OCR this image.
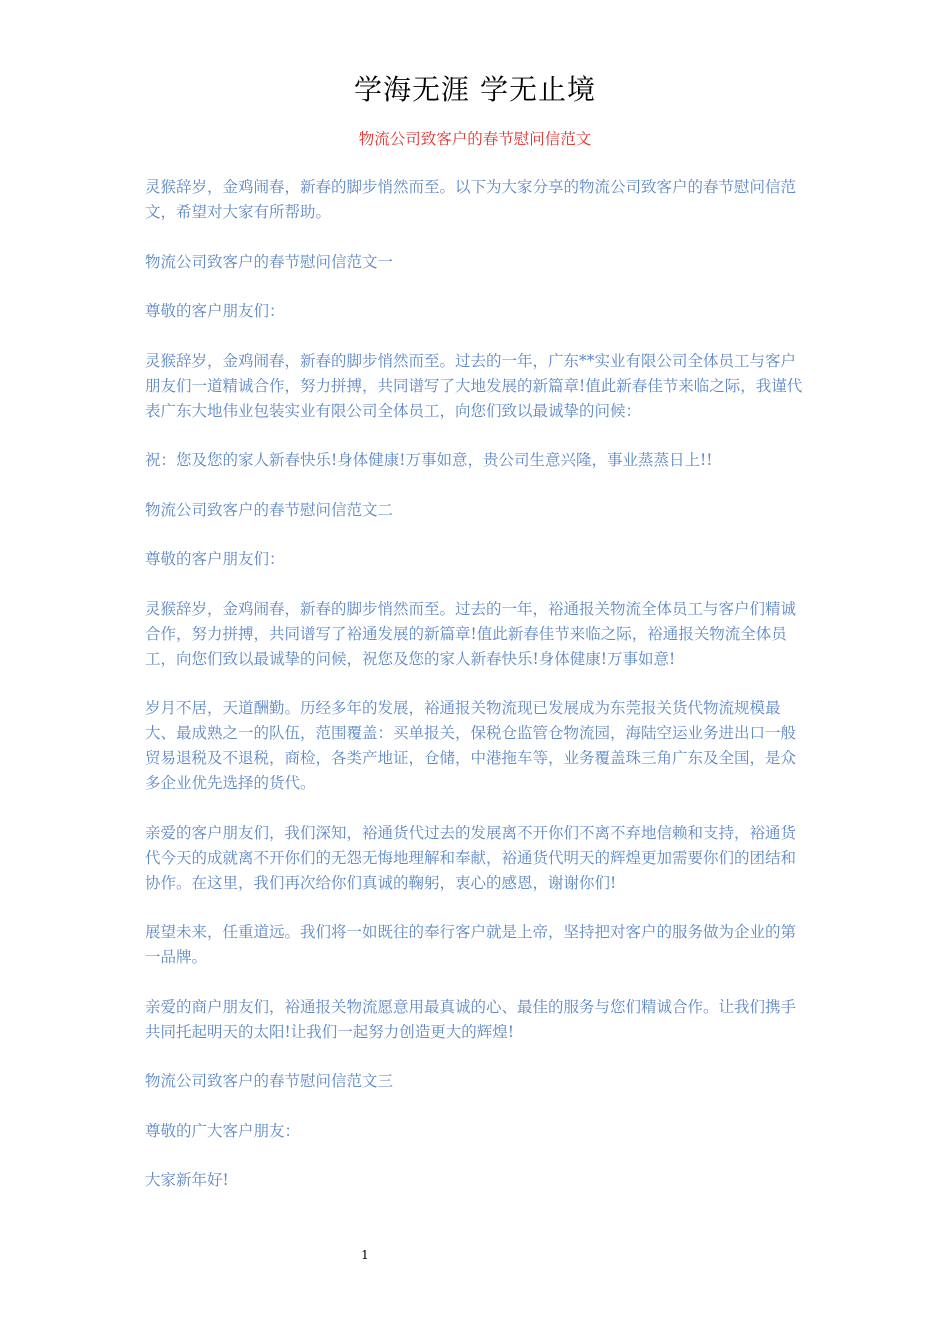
学海无涯 学无止境
物流公司致客户的春节慰问信范文

灵猴辞岁，金鸡闹春，新春的脚步悄然而至。以下为大家分享的物流公司致客户的春节慰问信范文，希望对大家有所帮助。

物流公司致客户的春节慰问信范文一

尊敬的客户朋友们：

灵猴辞岁，金鸡闹春，新春的脚步悄然而至。过去的一年，广东**实业有限公司全体员工与客户朋友们一道精诚合作，努力拼搏，共同谱写了大地发展的新篇章!值此新春佳节来临之际，我谨代表广东大地伟业包装实业有限公司全体员工，向您们致以最诚挚的问候：

祝：您及您的家人新春快乐!身体健康!万事如意，贵公司生意兴隆，事业蒸蒸日上!!

物流公司致客户的春节慰问信范文二

尊敬的客户朋友们：

灵猴辞岁，金鸡闹春，新春的脚步悄然而至。过去的一年，裕通报关物流全体员工与客户们精诚合作，努力拼搏，共同谱写了裕通发展的新篇章!值此新春佳节来临之际，裕通报关物流全体员工，向您们致以最诚挚的问候，祝您及您的家人新春快乐!身体健康!万事如意!

岁月不居，天道酬勤。历经多年的发展，裕通报关物流现已发展成为东莞报关货代物流规模最大、最成熟之一的队伍，范围覆盖：买单报关，保税仓监管仓物流园，海陆空运业务进出口一般贸易退税及不退税，商检，各类产地证，仓储，中港拖车等，业务覆盖珠三角广东及全国，是众多企业优先选择的货代。

亲爱的客户朋友们，我们深知，裕通货代过去的发展离不开你们不离不弃地信赖和支持，裕通货代今天的成就离不开你们的无怨无悔地理解和奉献，裕通货代明天的辉煌更加需要你们的团结和协作。在这里，我们再次给你们真诚的鞠躬，衷心的感恩，谢谢你们!

展望未来，任重道远。我们将一如既往的奉行客户就是上帝，坚持把对客户的服务做为企业的第一品牌。

亲爱的商户朋友们，裕通报关物流愿意用最真诚的心、最佳的服务与您们精诚合作。让我们携手共同托起明天的太阳!让我们一起努力创造更大的辉煌!

物流公司致客户的春节慰问信范文三

尊敬的广大客户朋友：

大家新年好!

1
